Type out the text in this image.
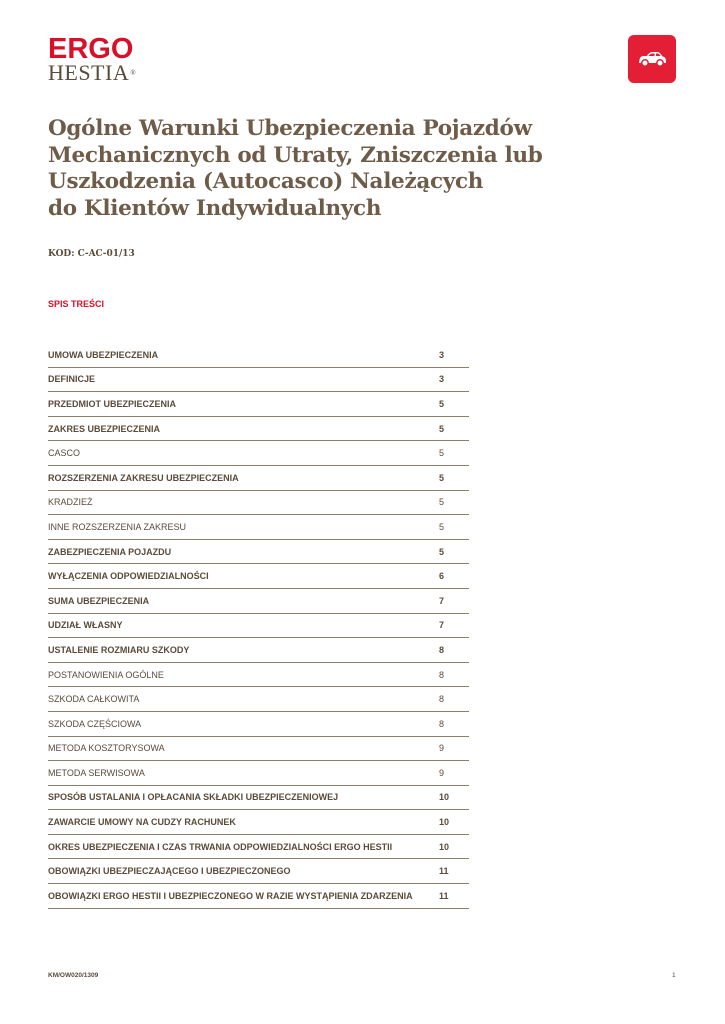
ERGO
HESTIA®
Ogólne Warunki Ubezpieczenia Pojazdów
Mechanicznych od Utraty, Zniszczenia lub
Uszkodzenia (Autocasco) Należących
do Klientów Indywidualnych
KOD: C-AC-01/13
SPIS TREŚCI
UMOWA UBEZPIECZENIA	3
DEFINICJE	3
PRZEDMIOT UBEZPIECZENIA	5
ZAKRES UBEZPIECZENIA	5
CASCO	5
ROZSZERZENIA ZAKRESU UBEZPIECZENIA	5
KRADZIEŻ	5
INNE ROZSZERZENIA ZAKRESU	5
ZABEZPIECZENIA POJAZDU	5
WYŁĄCZENIA ODPOWIEDZIALNOŚCI	6
SUMA UBEZPIECZENIA	7
UDZIAŁ WŁASNY	7
USTALENIE ROZMIARU SZKODY	8
POSTANOWIENIA OGÓLNE	8
SZKODA CAŁKOWITA	8
SZKODA CZĘŚCIOWA	8
METODA KOSZTORYSOWA	9
METODA SERWISOWA	9
SPOSÓB USTALANIA I OPŁACANIA SKŁADKI UBEZPIECZENIOWEJ	10
ZAWARCIE UMOWY NA CUDZY RACHUNEK	10
OKRES UBEZPIECZENIA I CZAS TRWANIA ODPOWIEDZIALNOŚCI ERGO HESTII	10
OBOWIĄZKI UBEZPIECZAJĄCEGO I UBEZPIECZONEGO	11
OBOWIĄZKI ERGO HESTII I UBEZPIECZONEGO W RAZIE WYSTĄPIENIA ZDARZENIA	11
KM/OW020/1309	1
